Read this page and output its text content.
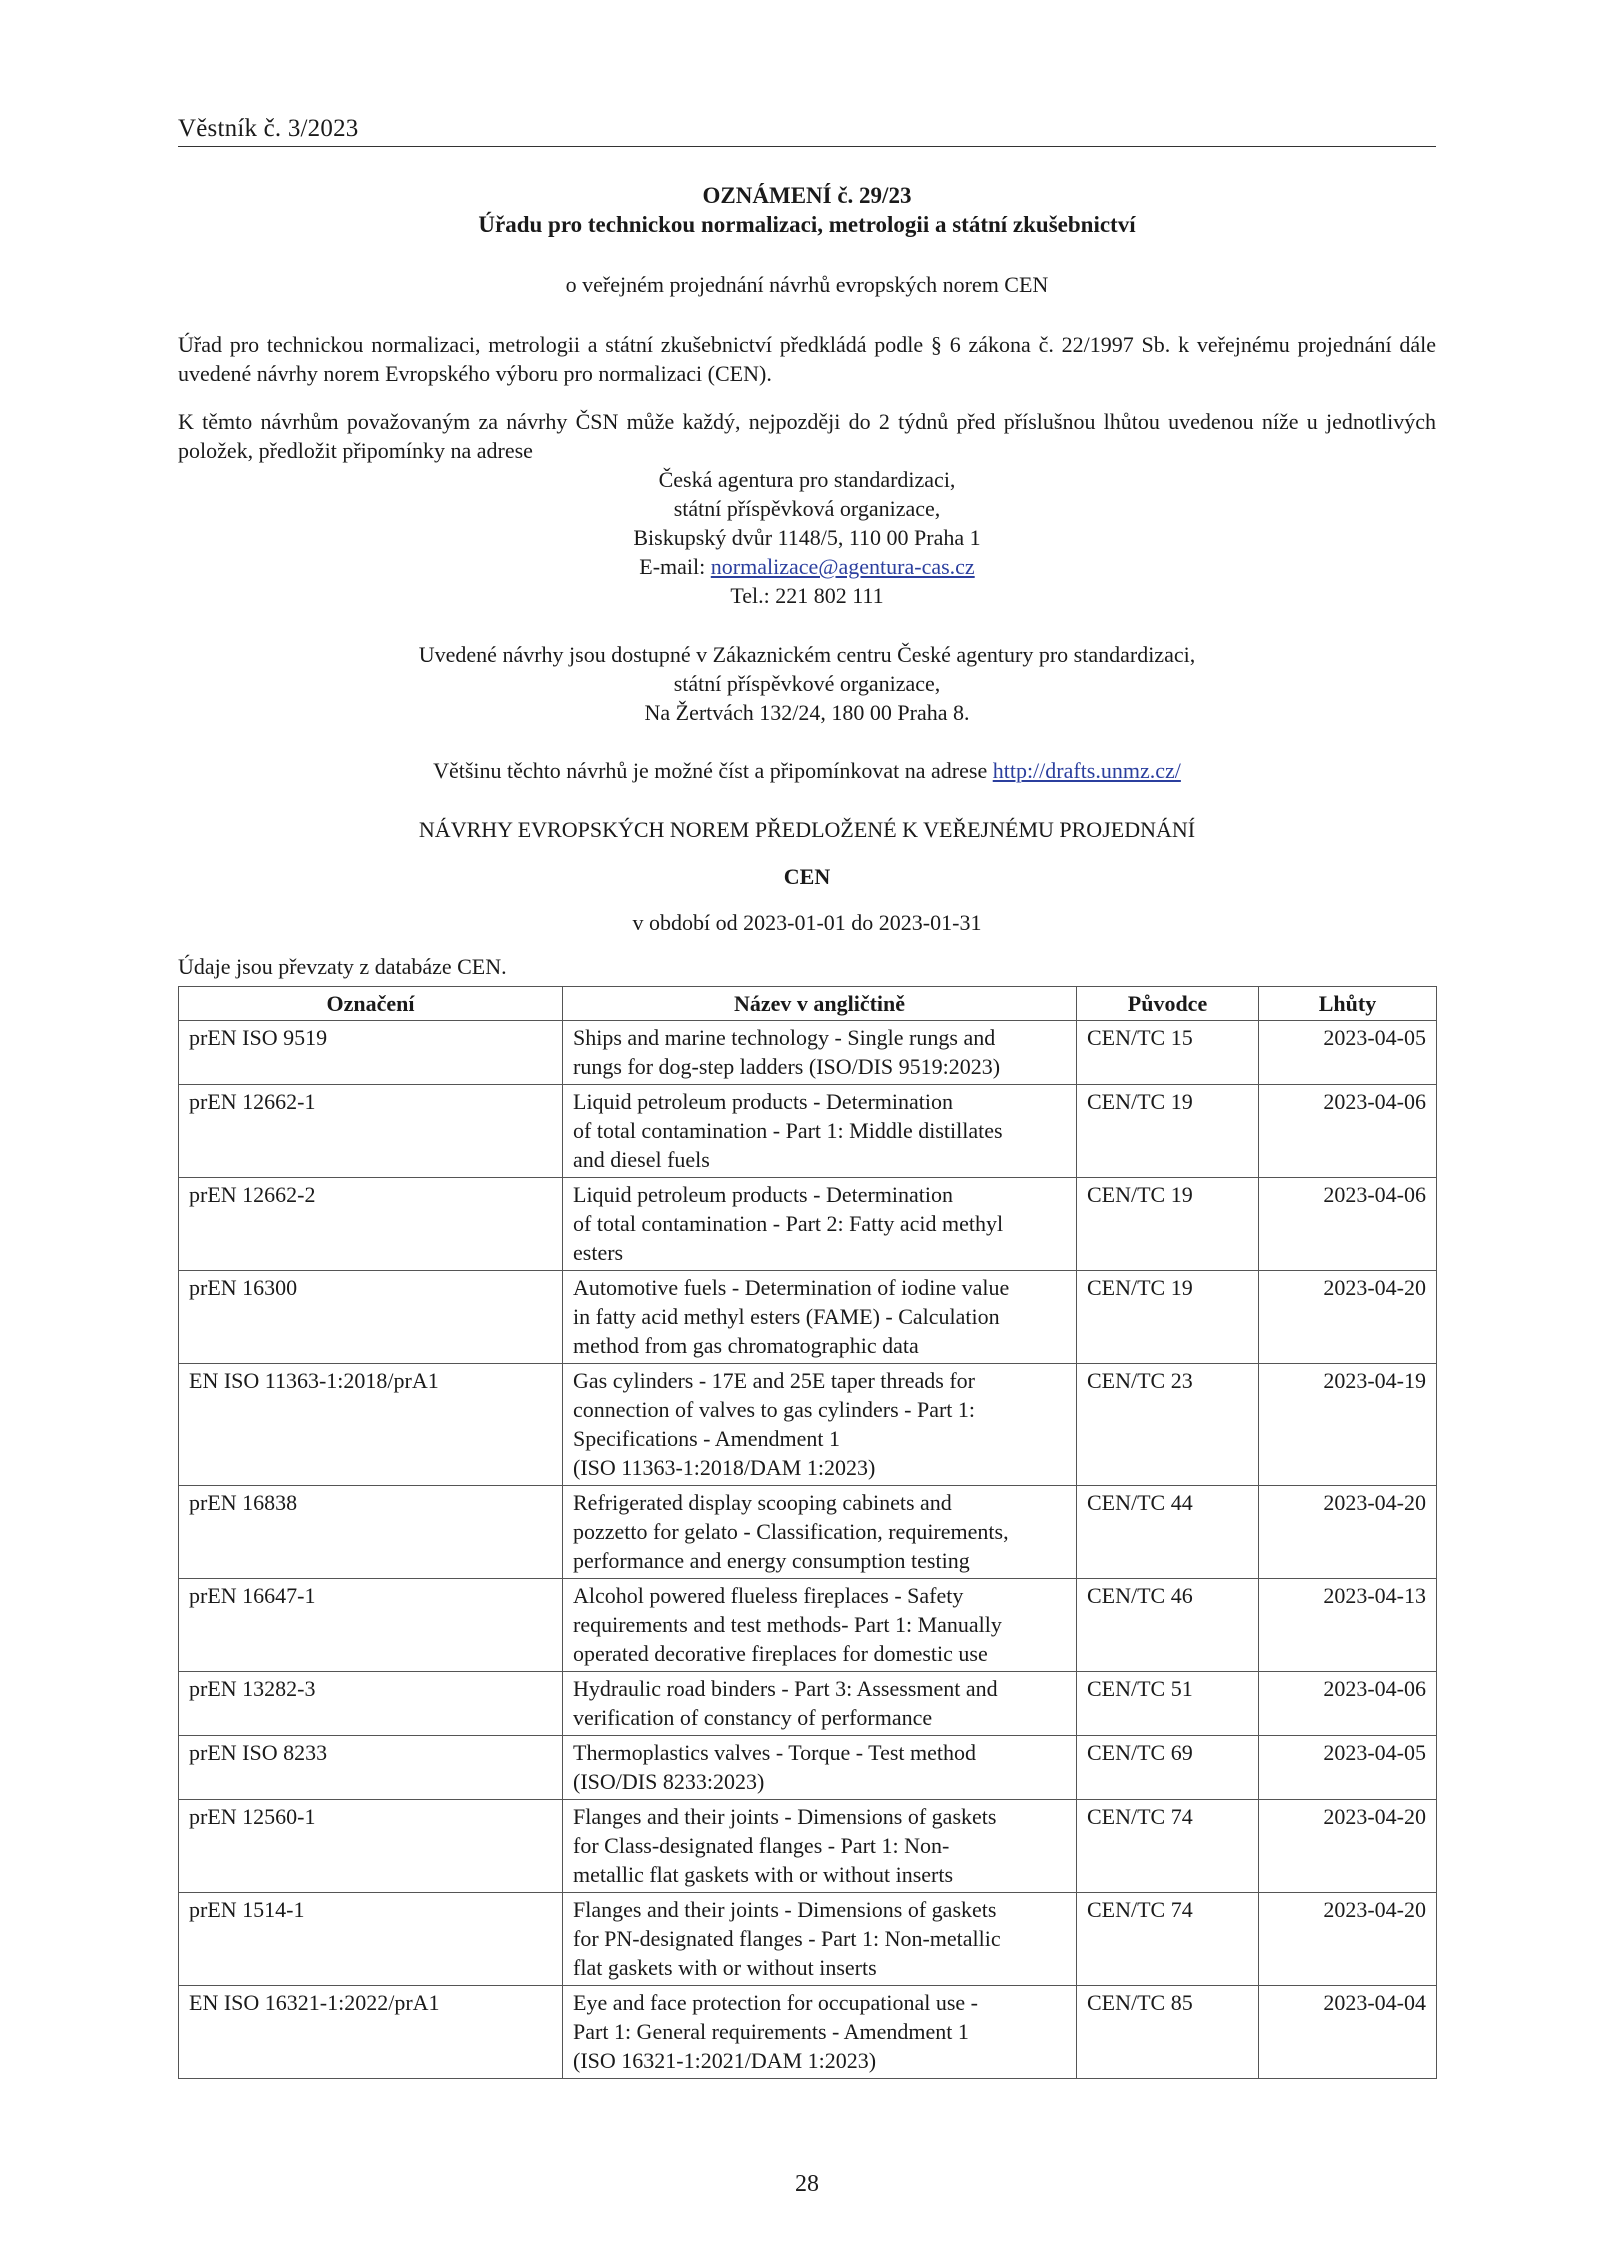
Věstník č. 3/2023
OZNÁMENÍ č. 29/23
Úřadu pro technickou normalizaci, metrologii a státní zkušebnictví
o veřejném projednání návrhů evropských norem CEN
Úřad pro technickou normalizaci, metrologii a státní zkušebnictví předkládá podle § 6 zákona č. 22/1997 Sb. k veřejnému projednání dále uvedené návrhy norem Evropského výboru pro normalizaci (CEN).
K těmto návrhům považovaným za návrhy ČSN může každý, nejpozději do 2 týdnů před příslušnou lhůtou uvedenou níže u jednotlivých položek, předložit připomínky na adrese
Česká agentura pro standardizaci,
státní příspěvková organizace,
Biskupský dvůr 1148/5, 110 00 Praha 1
E-mail: normalizace@agentura-cas.cz
Tel.: 221 802 111
Uvedené návrhy jsou dostupné v Zákaznickém centru České agentury pro standardizaci,
státní příspěvkové organizace,
Na Žertvách 132/24, 180 00 Praha 8.
Většinu těchto návrhů je možné číst a připomínkovat na adrese http://drafts.unmz.cz/
NÁVRHY EVROPSKÝCH NOREM PŘEDLOŽENÉ K VEŘEJNÉMU PROJEDNÁNÍ
CEN
v období od 2023-01-01 do 2023-01-31
Údaje jsou převzaty z databáze CEN.
Označení	Název v angličtině	Původce	Lhůty
prEN ISO 9519	Ships and marine technology - Single rungs and
rungs for dog-step ladders (ISO/DIS 9519:2023)	CEN/TC 15	2023-04-05
prEN 12662-1	Liquid petroleum products - Determination
of total contamination - Part 1: Middle distillates
and diesel fuels	CEN/TC 19	2023-04-06
prEN 12662-2	Liquid petroleum products - Determination
of total contamination - Part 2: Fatty acid methyl
esters	CEN/TC 19	2023-04-06
prEN 16300	Automotive fuels - Determination of iodine value
in fatty acid methyl esters (FAME) - Calculation
method from gas chromatographic data	CEN/TC 19	2023-04-20
EN ISO 11363-1:2018/prA1	Gas cylinders - 17E and 25E taper threads for
connection of valves to gas cylinders - Part 1:
Specifications - Amendment 1
(ISO 11363-1:2018/DAM 1:2023)	CEN/TC 23	2023-04-19
prEN 16838	Refrigerated display scooping cabinets and
pozzetto for gelato - Classification, requirements,
performance and energy consumption testing	CEN/TC 44	2023-04-20
prEN 16647-1	Alcohol powered flueless fireplaces - Safety
requirements and test methods- Part 1: Manually
operated decorative fireplaces for domestic use	CEN/TC 46	2023-04-13
prEN 13282-3	Hydraulic road binders - Part 3: Assessment and
verification of constancy of performance	CEN/TC 51	2023-04-06
prEN ISO 8233	Thermoplastics valves - Torque - Test method
(ISO/DIS 8233:2023)	CEN/TC 69	2023-04-05
prEN 12560-1	Flanges and their joints - Dimensions of gaskets
for Class-designated flanges - Part 1: Non-
metallic flat gaskets with or without inserts	CEN/TC 74	2023-04-20
prEN 1514-1	Flanges and their joints - Dimensions of gaskets
for PN-designated flanges - Part 1: Non-metallic
flat gaskets with or without inserts	CEN/TC 74	2023-04-20
EN ISO 16321-1:2022/prA1	Eye and face protection for occupational use -
Part 1: General requirements - Amendment 1
(ISO 16321-1:2021/DAM 1:2023)	CEN/TC 85	2023-04-04
28
